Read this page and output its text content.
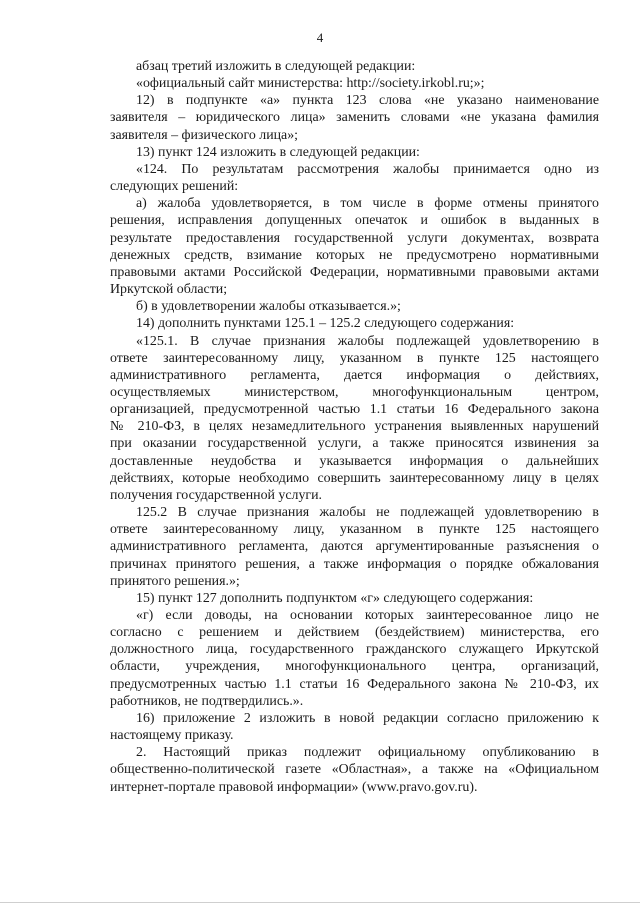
4

абзац третий изложить в следующей редакции:

«официальный сайт министерства: http://society.irkobl.ru;»;

12) в подпункте «а» пункта 123 слова «не указано наименование

заявителя – юридического лица» заменить словами «не указана фамилия

заявителя – физического лица»;

13) пункт 124 изложить в следующей редакции:

«124. По результатам рассмотрения жалобы принимается одно из

следующих решений:

а) жалоба удовлетворяется, в том числе в форме отмены принятого

решения, исправления допущенных опечаток и ошибок в выданных в

результате предоставления государственной услуги документах, возврата

денежных средств, взимание которых не предусмотрено нормативными

правовыми актами Российской Федерации, нормативными правовыми актами

Иркутской области;

б) в удовлетворении жалобы отказывается.»;

14) дополнить пунктами 125.1 – 125.2 следующего содержания:

«125.1. В случае признания жалобы подлежащей удовлетворению в

ответе заинтересованному лицу, указанном в пункте 125 настоящего

административного регламента, дается информация о действиях,

осуществляемых министерством, многофункциональным центром,

организацией, предусмотренной частью 1.1 статьи 16 Федерального закона

№ 210-ФЗ, в целях незамедлительного устранения выявленных нарушений

при оказании государственной услуги, а также приносятся извинения за

доставленные неудобства и указывается информация о дальнейших

действиях, которые необходимо совершить заинтересованному лицу в целях

получения государственной услуги.

125.2 В случае признания жалобы не подлежащей удовлетворению в

ответе заинтересованному лицу, указанном в пункте 125 настоящего

административного регламента, даются аргументированные разъяснения о

причинах принятого решения, а также информация о порядке обжалования

принятого решения.»;

15) пункт 127 дополнить подпунктом «г» следующего содержания:

«г) если доводы, на основании которых заинтересованное лицо не

согласно с решением и действием (бездействием) министерства, его

должностного лица, государственного гражданского служащего Иркутской

области, учреждения, многофункционального центра, организаций,

предусмотренных частью 1.1 статьи 16 Федерального закона № 210-ФЗ, их

работников, не подтвердились.».

16) приложение 2 изложить в новой редакции согласно приложению к

настоящему приказу.

2. Настоящий приказ подлежит официальному опубликованию в

общественно-политической газете «Областная», а также на «Официальном

интернет-портале правовой информации» (www.pravo.gov.ru).
